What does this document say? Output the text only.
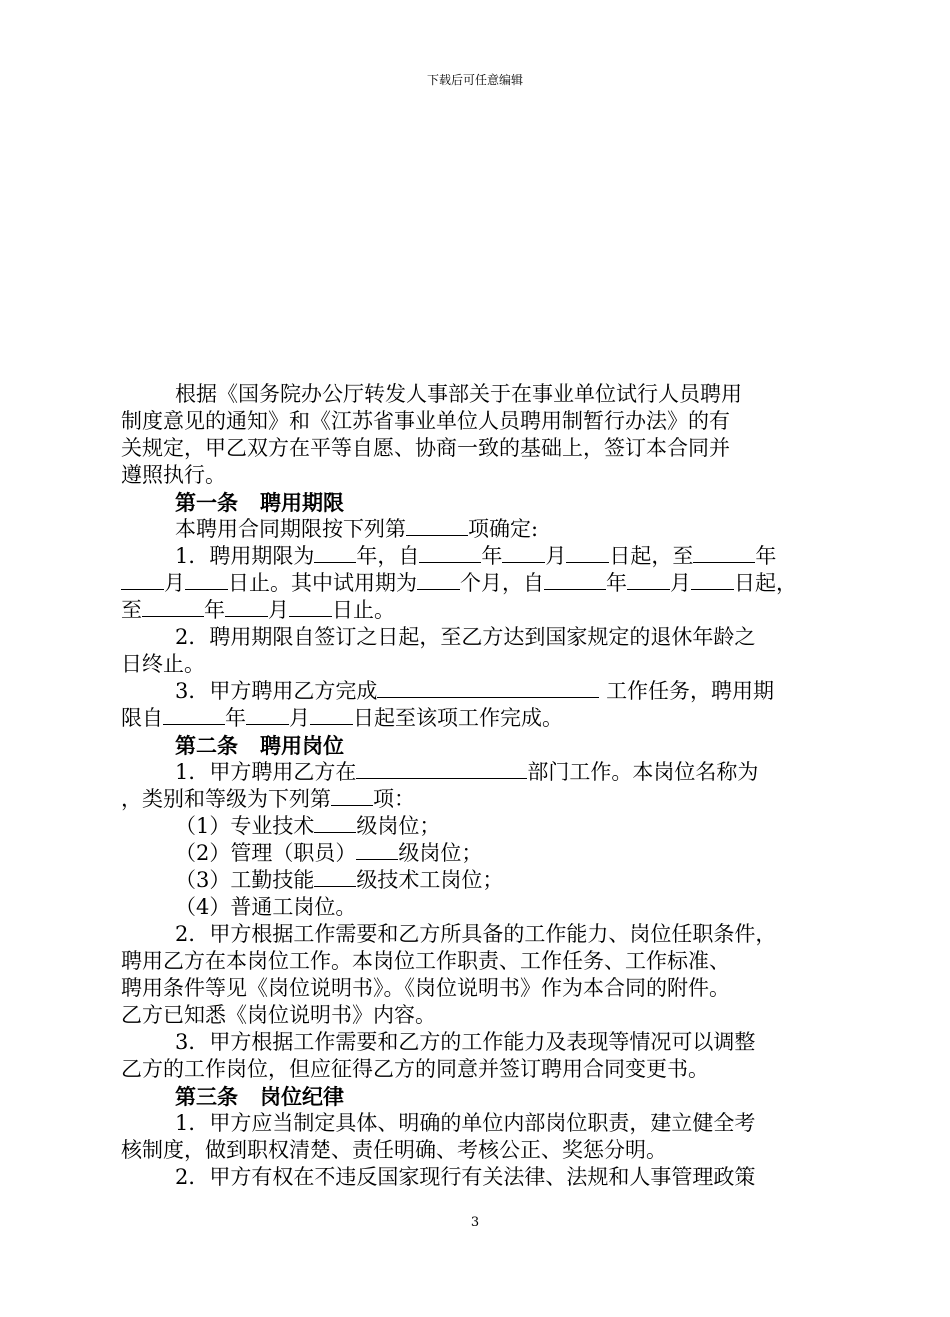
下载后可任意编辑

根据《国务院办公厅转发人事部关于在事业单位试行人员聘用

制度意见的通知》和《江苏省事业单位人员聘用制暂行办法》的有

关规定，甲乙双方在平等自愿、协商一致的基础上，签订本合同并

遵照执行。

第一条 聘用期限

本聘用合同期限按下列第	项确定:

1．聘用期限为 年，自	年 月 日起，至	年

月 日止。其中试用期为 个月，自	年 月 日起，

至	年 月 日止。

2．聘用期限自签订之日起，至乙方达到国家规定的退休年龄之

日终止。

3．甲方聘用乙方完成	工作任务，聘用期

限自	年 月 日起至该项工作完成。

第二条 聘用岗位

1．甲方聘用乙方在	部门工作。本岗位名称为

，类别和等级为下列第 项：

（1）专业技术 级岗位；

（2）管理（职员） 级岗位；

（3）工勤技能 级技术工岗位；

（4）普通工岗位。

2．甲方根据工作需要和乙方所具备的工作能力、岗位任职条件，

聘用乙方在本岗位工作。本岗位工作职责、工作任务、工作标准、

聘用条件等见《岗位说明书》。《岗位说明书》作为本合同的附件。

乙方已知悉《岗位说明书》内容。

3．甲方根据工作需要和乙方的工作能力及表现等情况可以调整

乙方的工作岗位，但应征得乙方的同意并签订聘用合同变更书。

第三条 岗位纪律

1．甲方应当制定具体、明确的单位内部岗位职责，建立健全考

核制度，做到职权清楚、责任明确、考核公正、奖惩分明。

2．甲方有权在不违反国家现行有关法律、法规和人事管理政策

3
